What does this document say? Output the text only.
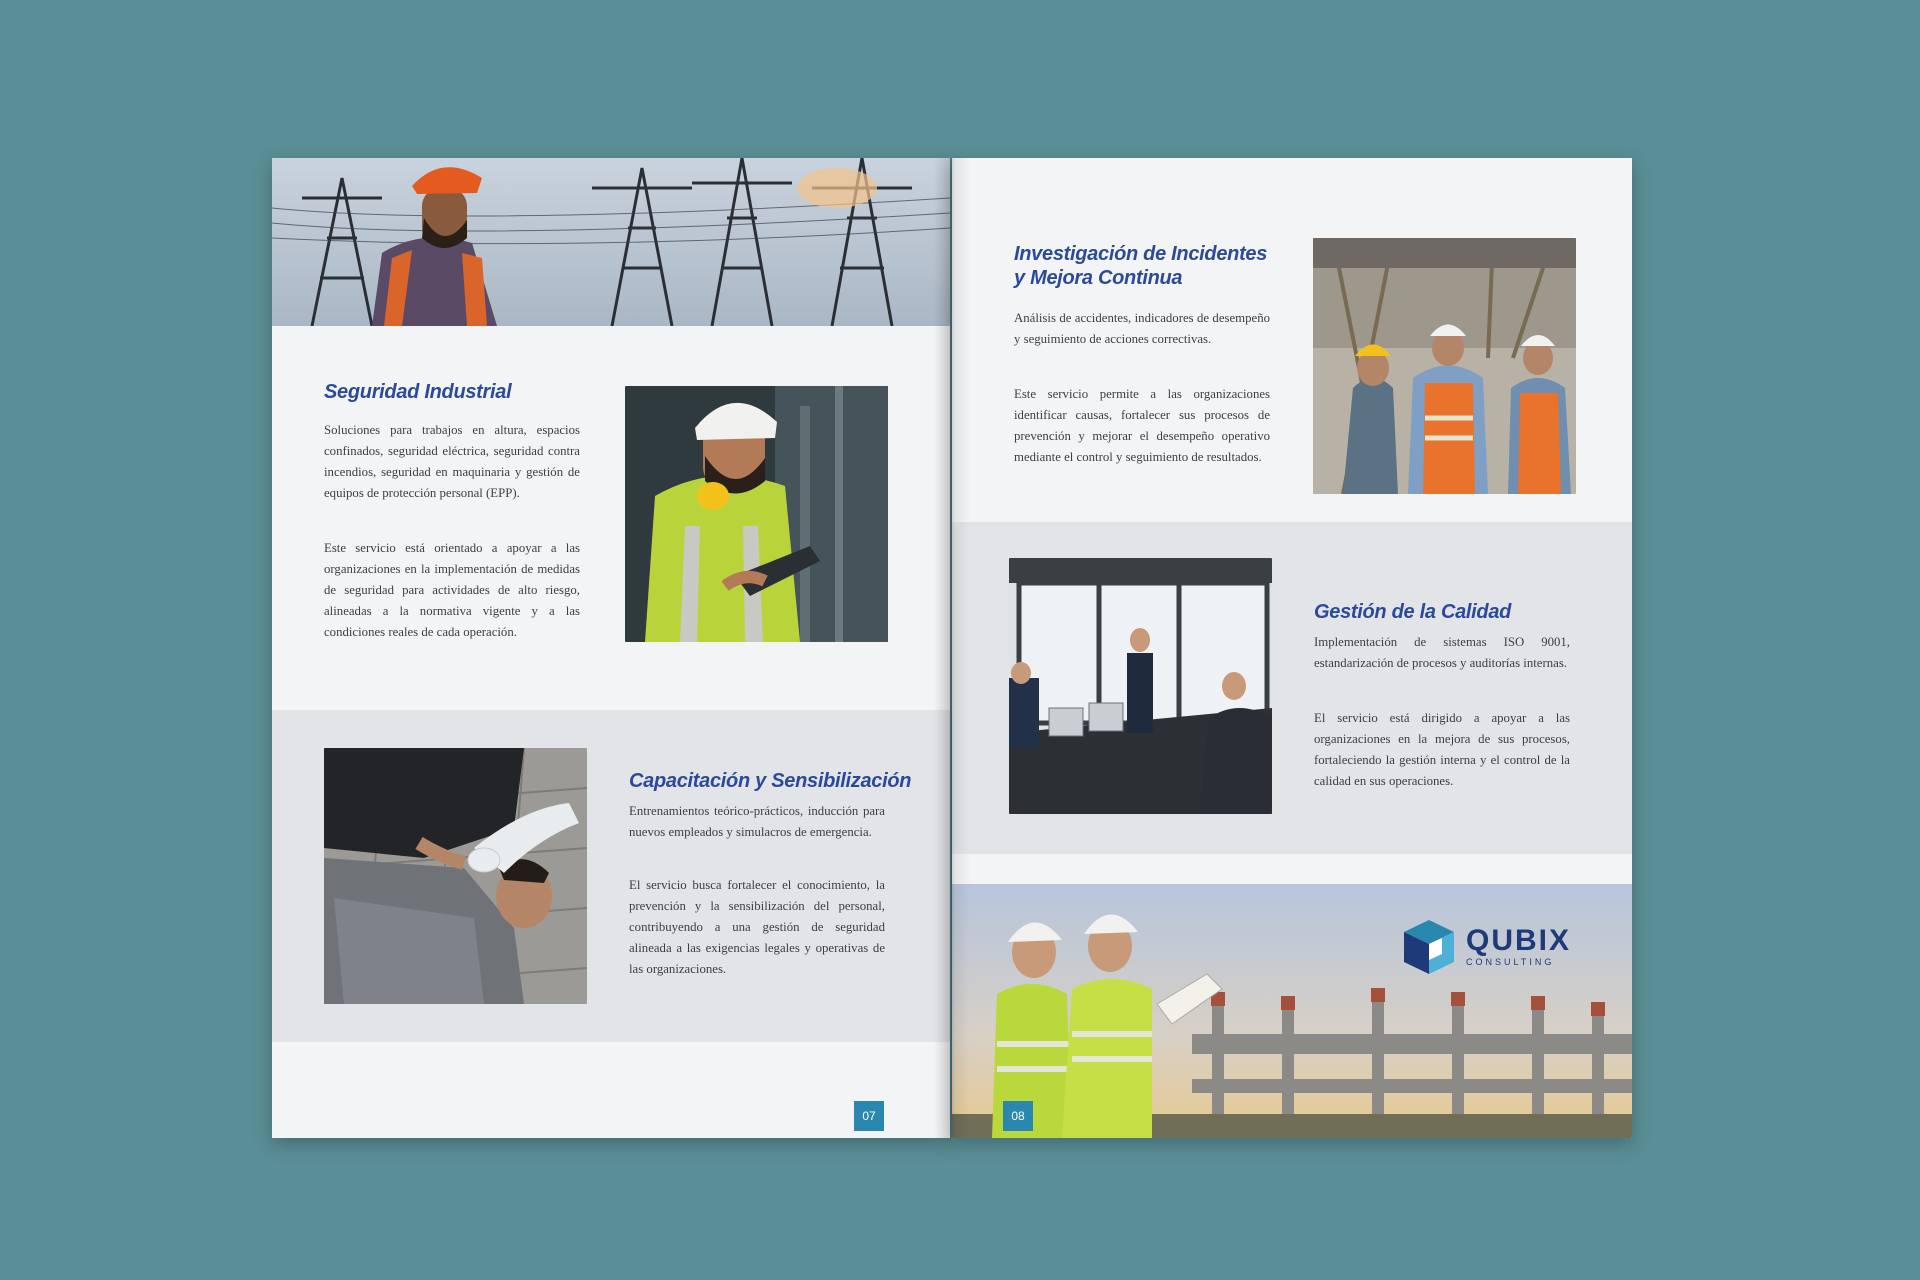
Seguridad Industrial

Soluciones para trabajos en altura, espacios confinados, seguridad eléctrica, seguridad contra incendios, seguridad en maquinaria y gestión de equipos de protección personal (EPP).

Este servicio está orientado a apoyar a las organizaciones en la implementación de medidas de seguridad para actividades de alto riesgo, alineadas a la normativa vigente y a las condiciones reales de cada operación.

Capacitación y Sensibilización

Entrenamientos teórico-prácticos, inducción para nuevos empleados y simulacros de emergencia.

El servicio busca fortalecer el conocimiento, la prevención y la sensibilización del personal, contribuyendo a una gestión de seguridad alineada a las exigencias legales y operativas de las organizaciones.

07
Investigación de Incidentes
y Mejora Continua

Análisis de accidentes, indicadores de desempeño y seguimiento de acciones correctivas.

Este servicio permite a las organizaciones identificar causas, fortalecer sus procesos de prevención y mejorar el desempeño operativo mediante el control y seguimiento de resultados.

Gestión de la Calidad

Implementación de sistemas ISO 9001, estandarización de procesos y auditorías internas.

El servicio está dirigido a apoyar a las organizaciones en la mejora de sus procesos, fortaleciendo la gestión interna y el control de la calidad en sus operaciones.

QUBIX
CONSULTING
08
